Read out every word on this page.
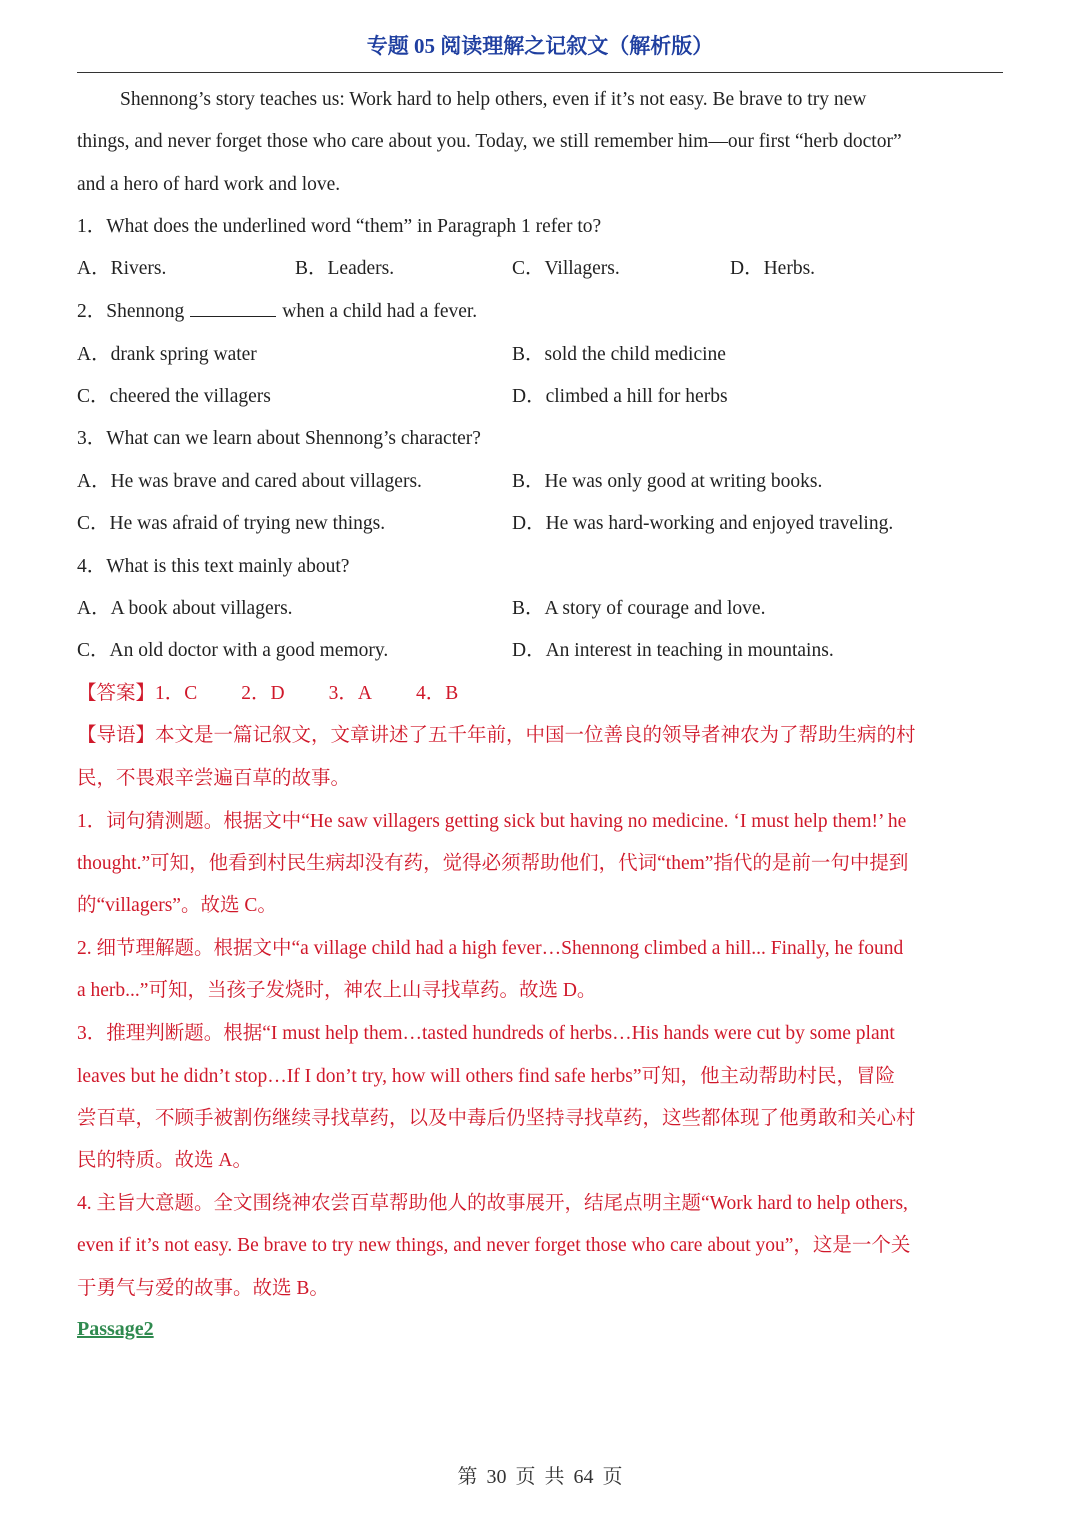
专题 05 阅读理解之记叙文（解析版）
Shennong’s story teaches us: Work hard to help others, even if it’s not easy. Be brave to try new
things, and never forget those who care about you. Today, we still remember him—our first “herb doctor”
and a hero of hard work and love.
1．What does the underlined word “them” in Paragraph 1 refer to?
A．Rivers.	B．Leaders.	C．Villagers.	D．Herbs.
2．Shennong	when a child had a fever.
A．drank spring water	B．sold the child medicine
C．cheered the villagers	D．climbed a hill for herbs
3．What can we learn about Shennong’s character?
A．He was brave and cared about villagers.	B．He was only good at writing books.
C．He was afraid of trying new things.	D．He was hard-working and enjoyed traveling.
4．What is this text mainly about?
A．A book about villagers.	B．A story of courage and love.
C．An old doctor with a good memory.	D．An interest in teaching in mountains.
【答案】1．C 2．D 3．A 4．B
【导语】本文是一篇记叙文，文章讲述了五千年前，中国一位善良的领导者神农为了帮助生病的村
民，不畏艰辛尝遍百草的故事。
1．词句猜测题。根据文中“He saw villagers getting sick but having no medicine. ‘I must help them!’ he
thought.”可知，他看到村民生病却没有药，觉得必须帮助他们，代词“them”指代的是前一句中提到
的“villagers”。故选 C。
2. 细节理解题。根据文中“a village child had a high fever…Shennong climbed a hill... Finally, he found
a herb...”可知，当孩子发烧时，神农上山寻找草药。故选 D。
3．推理判断题。根据“I must help them…tasted hundreds of herbs…His hands were cut by some plant
leaves but he didn’t stop…If I don’t try, how will others find safe herbs”可知，他主动帮助村民，冒险
尝百草，不顾手被割伤继续寻找草药，以及中毒后仍坚持寻找草药，这些都体现了他勇敢和关心村
民的特质。故选 A。
4. 主旨大意题。全文围绕神农尝百草帮助他人的故事展开，结尾点明主题“Work hard to help others,
even if it’s not easy. Be brave to try new things, and never forget those who care about you”，这是一个关
于勇气与爱的故事。故选 B。
Passage2
第 30 页 共 64 页
